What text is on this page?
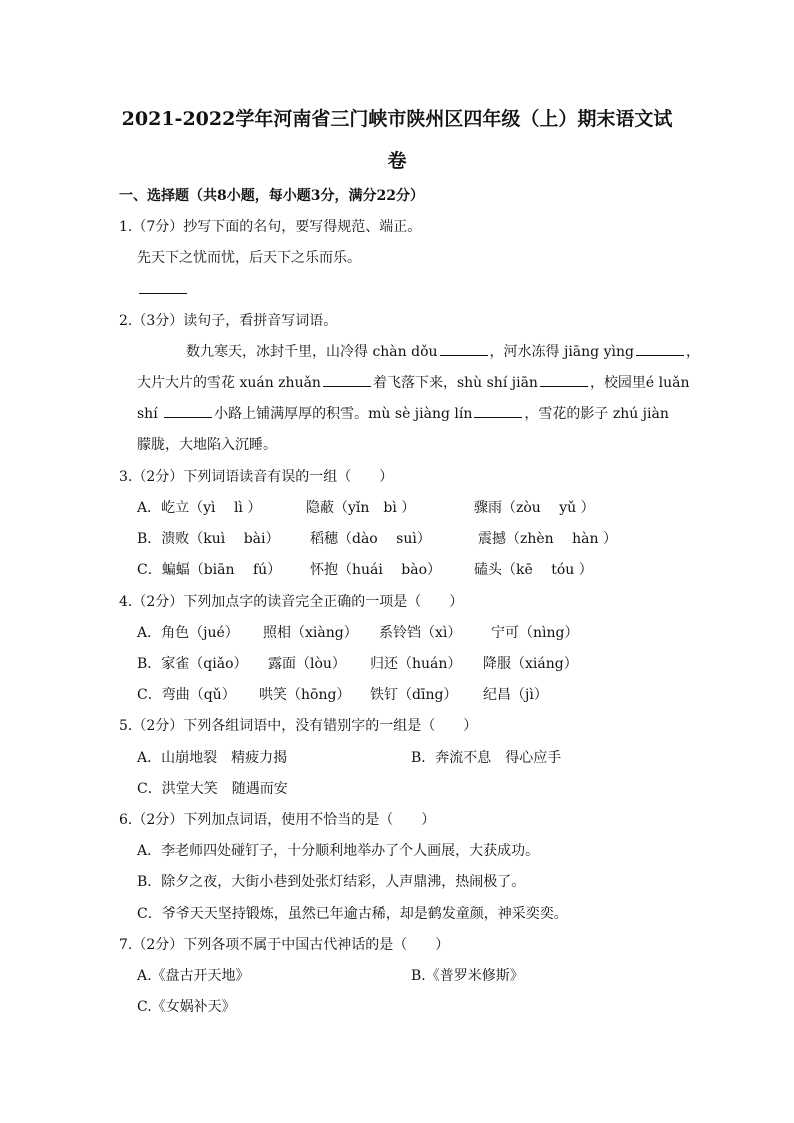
2021-2022学年河南省三门峡市陕州区四年级（上）期末语文试
卷
一、选择题（共8小题，每小题3分，满分22分）
1.（7分）抄写下面的名句，要写得规范、端正。
先天下之忧而忧，后天下之乐而乐。
2.（3分）读句子，看拼音写词语。
数九寒天，冰封千里，山冷得 chàn dǒu	，河水冻得 jiāng yìng	，
大片大片的雪花 xuán zhuǎn	着飞落下来，shù shí jiān	，校园里é luǎn
shí	小路上铺满厚厚的积雪。mù sè jiàng lín	，雪花的影子 zhú jiàn
朦胧，大地陷入沉睡。
3.（2分）下列词语读音有误的一组（　　）
A．屹立（yì　 lì ）	隐蔽（yǐn　bì ）	骤雨（zòu　 yǔ ）
B．溃败（kuì　 bài） 稻穗（dào　 suì）	震撼（zhèn　 hàn ）
C．蝙蝠（biān　 fú） 怀抱（huái　 bào） 磕头（kē　 tóu ）
4.（2分）下列加点字的读音完全正确的一项是（　　）
A．角色（jué） 照相（xiàng） 系铃铛（xì） 宁可（nìng）
B．家雀（qiǎo） 露面（lòu） 归还（huán） 降服（xiáng）
C．弯曲（qǔ） 哄笑（hōng） 铁钉（dīng） 纪昌（jì）
5.（2分）下列各组词语中，没有错别字的一组是（　　）
A．山崩地裂　精疲力揭	B．奔流不息　得心应手
C．洪堂大笑　随遇而安
6.（2分）下列加点词语，使用不恰当的是（　　）
A．李老师四处碰钉子，十分顺利地举办了个人画展，大获成功。
B．除夕之夜，大街小巷到处张灯结彩，人声鼎沸，热闹极了。
C．爷爷天天坚持锻炼，虽然已年逾古稀，却是鹤发童颜，神采奕奕。
7.（2分）下列各项不属于中国古代神话的是（　　）
A.《盘古开天地》	B.《普罗米修斯》
C.《女娲补天》
